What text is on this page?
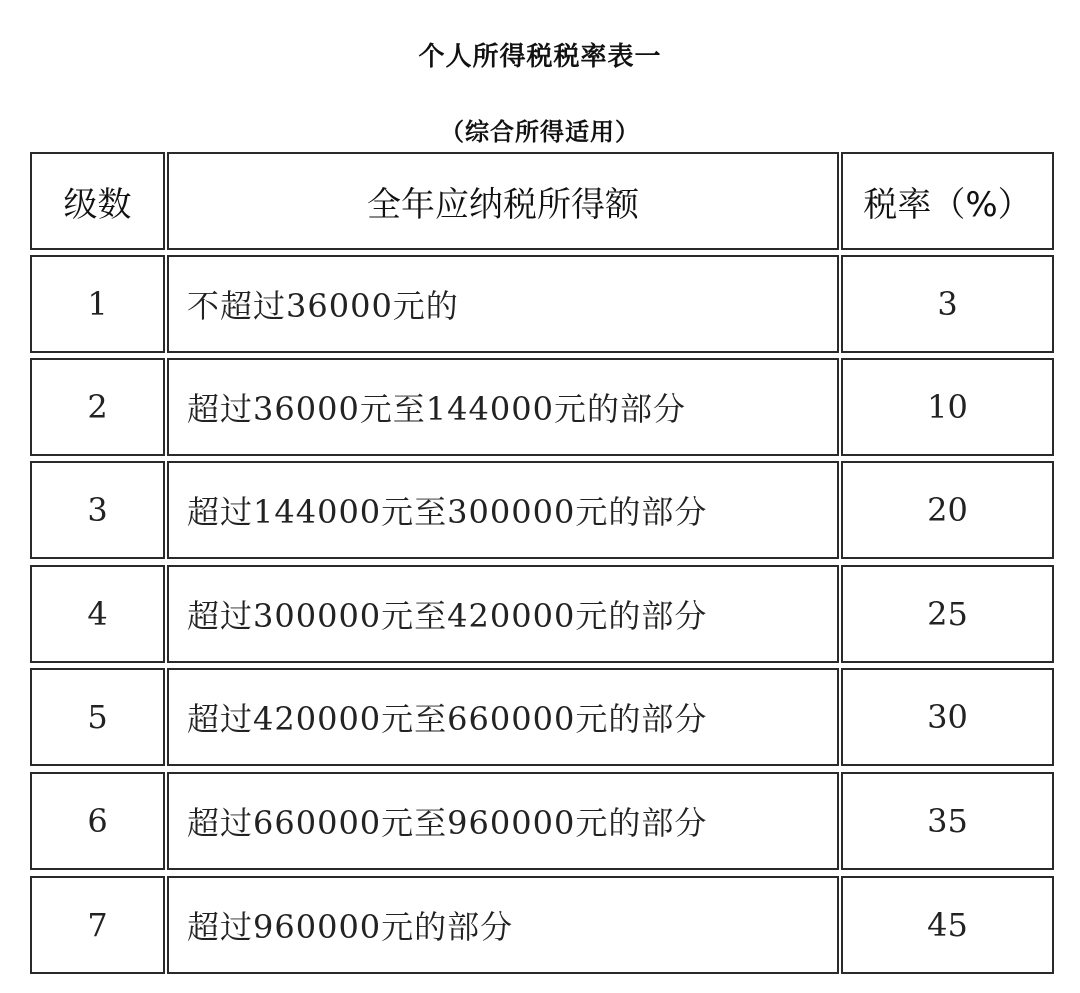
个人所得税税率表一
（综合所得适用）
级数	全年应纳税所得额	税率（%）
1	不超过36000元的	3
2	超过36000元至144000元的部分	10
3	超过144000元至300000元的部分	20
4	超过300000元至420000元的部分	25
5	超过420000元至660000元的部分	30
6	超过660000元至960000元的部分	35
7	超过960000元的部分	45
